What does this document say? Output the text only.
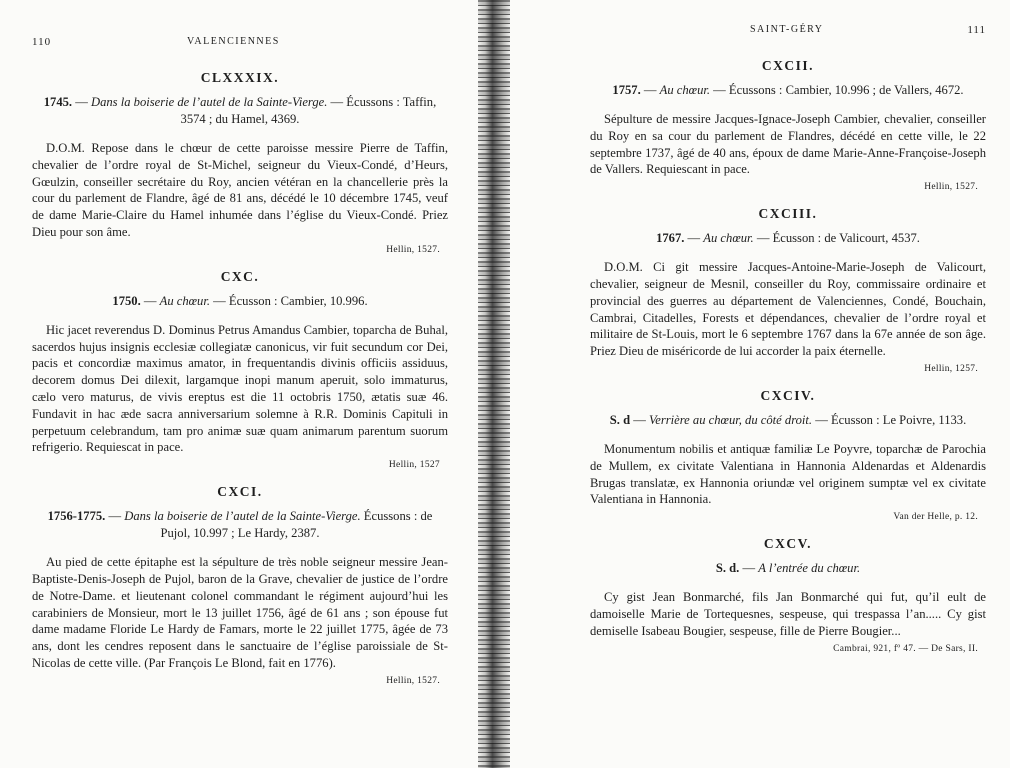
110	VALENCIENNES
CLXXXIX.
1745. — Dans la boiserie de l’autel de la Sainte-Vierge. — Écussons : Taffin, 3574 ; du Hamel, 4369.

D.O.M. Repose dans le chœur de cette paroisse messire Pierre de Taffin, chevalier de l’ordre royal de St-Michel, seigneur du Vieux-Condé, d’Heurs, Gœulzin, conseiller secrétaire du Roy, ancien vétéran en la chancellerie près la cour du parlement de Flandre, âgé de 81 ans, décédé le 10 décembre 1745, veuf de dame Marie-Claire du Hamel inhumée dans l’église du Vieux-Condé. Priez Dieu pour son âme.

Hellin, 1527.
CXC.
1750. — Au chœur. — Écusson : Cambier, 10.996.

Hic jacet reverendus D. Dominus Petrus Amandus Cambier, toparcha de Buhal, sacerdos hujus insignis ecclesiæ collegiatæ canonicus, vir fuit secundum cor Dei, pacis et concordiæ maximus amator, in frequentandis divinis officiis assiduus, decorem domus Dei dilexit, largamque inopi manum aperuit, solo immaturus, cælo vero maturus, de vivis ereptus est die 11 octobris 1750, ætatis suæ 46. Fundavit in hac æde sacra anniversarium solemne à R.R. Dominis Capituli in perpetuum celebrandum, tam pro animæ suæ quam animarum parentum suorum refrigerio. Requiescat in pace.

Hellin, 1527
CXCI.
1756-1775. — Dans la boiserie de l’autel de la Sainte-Vierge. Écussons : de Pujol, 10.997 ; Le Hardy, 2387.

Au pied de cette épitaphe est la sépulture de très noble seigneur messire Jean-Baptiste-Denis-Joseph de Pujol, baron de la Grave, chevalier de justice de l’ordre de Notre-Dame. et lieutenant colonel commandant le régiment aujourd’hui les carabiniers de Monsieur, mort le 13 juillet 1756, âgé de 61 ans ; son épouse fut dame madame Floride Le Hardy de Famars, morte le 22 juillet 1775, âgée de 73 ans, dont les cendres reposent dans le sanctuaire de l’église paroissiale de St-Nicolas de cette ville. (Par François Le Blond, fait en 1776).

Hellin, 1527.
SAINT-GÉRY	111
CXCII.
1757. — Au chœur. — Écussons : Cambier, 10.996 ; de Vallers, 4672.

Sépulture de messire Jacques-Ignace-Joseph Cambier, chevalier, conseiller du Roy en sa cour du parlement de Flandres, décédé en cette ville, le 22 septembre 1737, âgé de 40 ans, époux de dame Marie-Anne-Françoise-Joseph de Vallers. Requiescant in pace.

Hellin, 1527.
CXCIII.
1767. — Au chœur. — Écusson : de Valicourt, 4537.

D.O.M. Ci git messire Jacques-Antoine-Marie-Joseph de Valicourt, chevalier, seigneur de Mesnil, conseiller du Roy, commissaire ordinaire et provincial des guerres au département de Valenciennes, Condé, Bouchain, Cambrai, Citadelles, Forests et dépendances, chevalier de l’ordre royal et militaire de St-Louis, mort le 6 septembre 1767 dans la 67e année de son âge. Priez Dieu de miséricorde de lui accorder la paix éternelle.

Hellin, 1257.
CXCIV.
S. d — Verrière au chœur, du côté droit. — Écusson : Le Poivre, 1133.

Monumentum nobilis et antiquæ familiæ Le Poyvre, toparchæ de Parochia de Mullem, ex civitate Valentiana in Hannonia Aldenardas et Aldenardis Brugas translatæ, ex Hannonia oriundæ vel originem sumptæ vel ex civitate Valentiana in Hannonia.

Van der Helle, p. 12.
CXCV.
S. d. — A l’entrée du chœur.

Cy gist Jean Bonmarché, fils Jan Bonmarché qui fut, qu’il eult de damoiselle Marie de Tortequesnes, sespeuse, qui trespassa l’an..... Cy gist demiselle Isabeau Bougier, sespeuse, fille de Pierre Bougier...

Cambrai, 921, fº 47. — De Sars, II.
